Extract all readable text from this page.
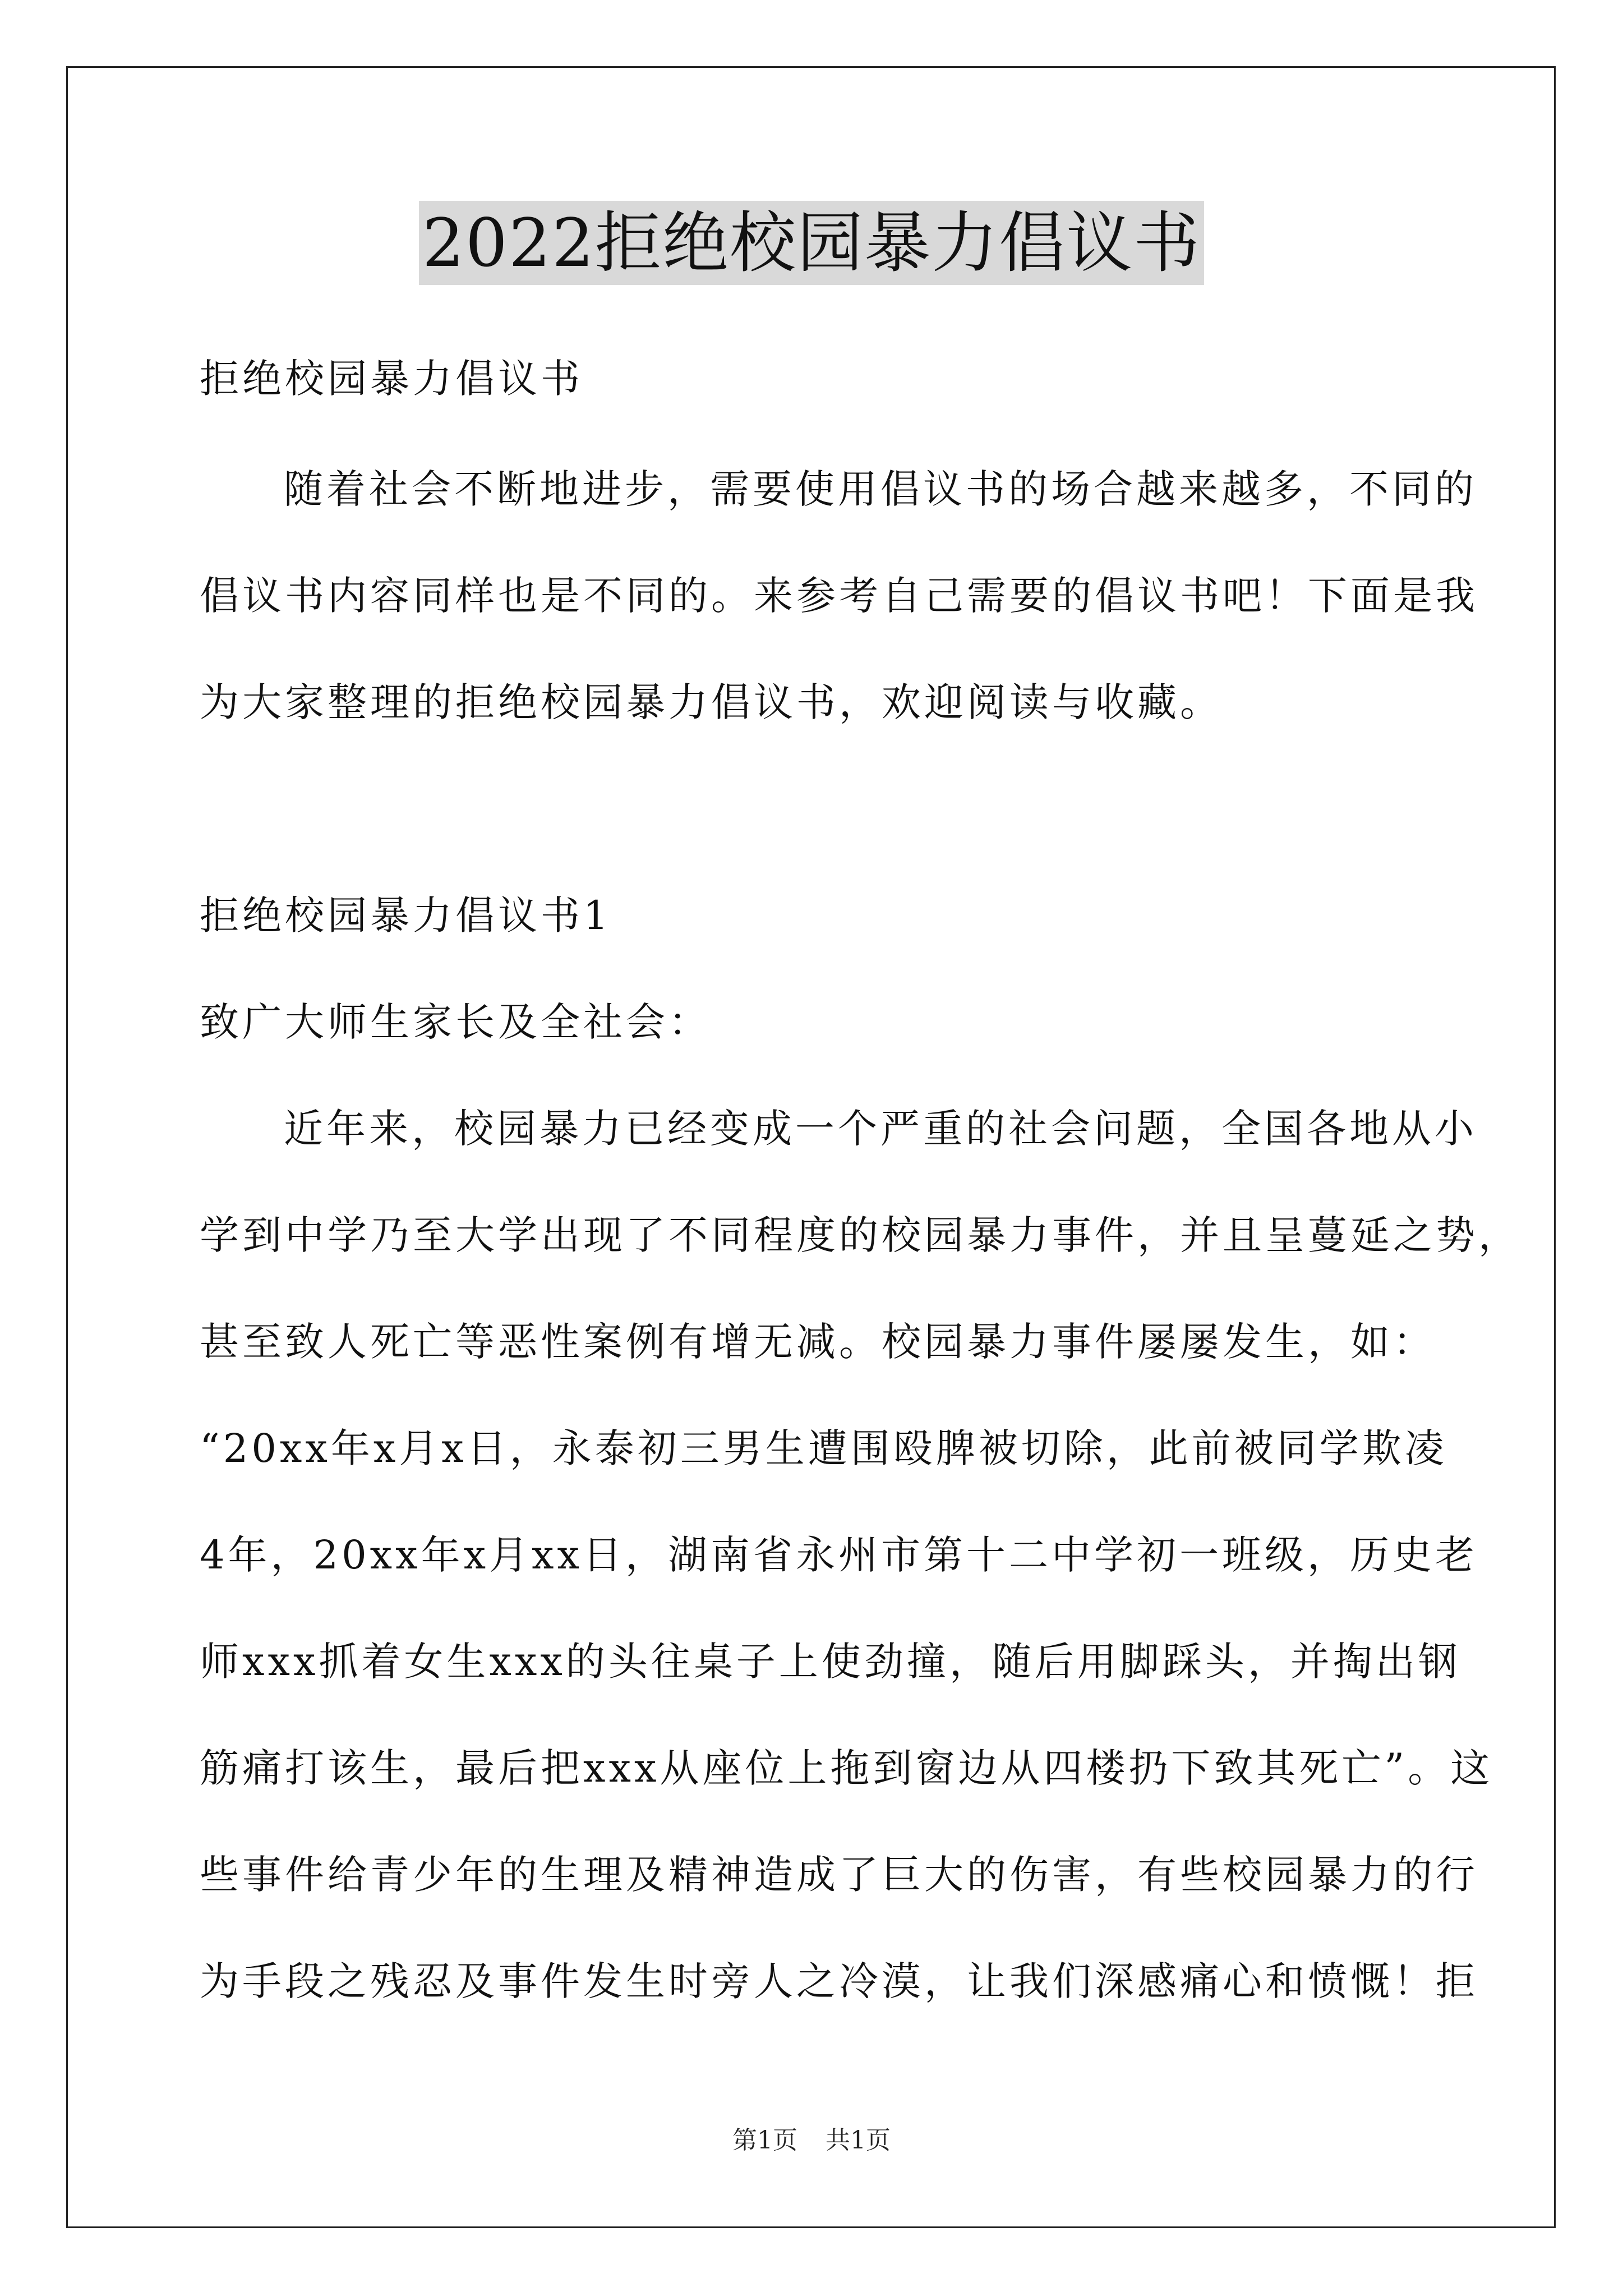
2022拒绝校园暴力倡议书
拒绝校园暴力倡议书
随着社会不断地进步，需要使用倡议书的场合越来越多，不同的
倡议书内容同样也是不同的。来参考自己需要的倡议书吧！下面是我
为大家整理的拒绝校园暴力倡议书，欢迎阅读与收藏。
拒绝校园暴力倡议书1
致广大师生家长及全社会：
近年来，校园暴力已经变成一个严重的社会问题，全国各地从小
学到中学乃至大学出现了不同程度的校园暴力事件，并且呈蔓延之势，
甚至致人死亡等恶性案例有增无减。校园暴力事件屡屡发生，如：
“20xx年x月x日，永泰初三男生遭围殴脾被切除，此前被同学欺凌
4年，20xx年x月xx日，湖南省永州市第十二中学初一班级，历史老
师xxx抓着女生xxx的头往桌子上使劲撞，随后用脚踩头，并掏出钢
筋痛打该生，最后把xxx从座位上拖到窗边从四楼扔下致其死亡”。这
些事件给青少年的生理及精神造成了巨大的伤害，有些校园暴力的行
为手段之残忍及事件发生时旁人之冷漠，让我们深感痛心和愤慨！拒
第1页 共1页
